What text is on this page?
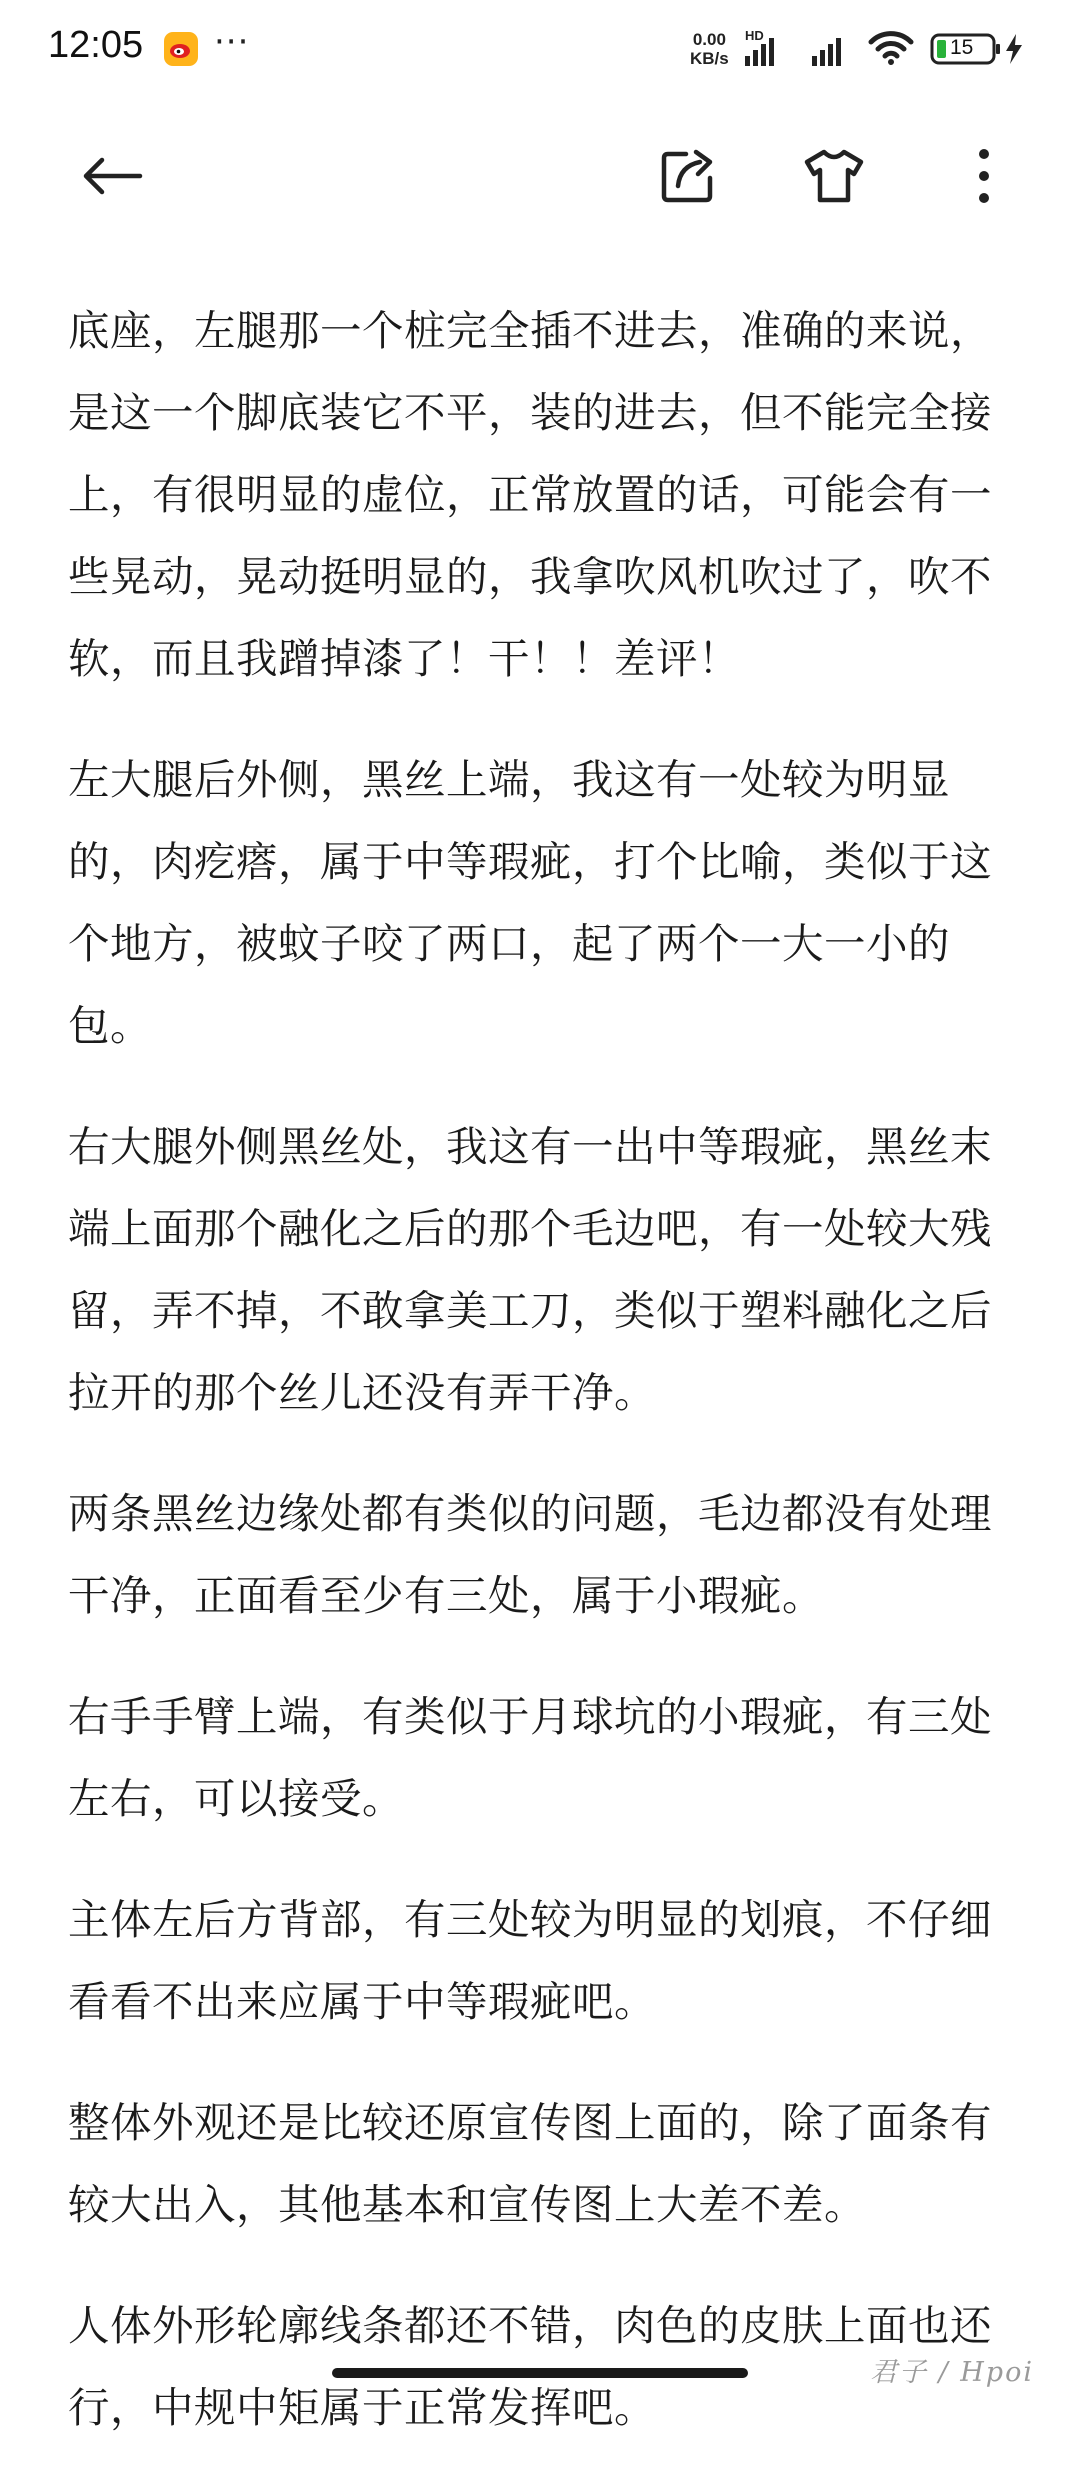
12:05 ···	0.00
KB/s
HD
15

底座，左腿那一个桩完全插不进去，准确的来说，是这一个脚底装它不平，装的进去，但不能完全接上，有很明显的虚位，正常放置的话，可能会有一些晃动，晃动挺明显的，我拿吹风机吹过了，吹不软，而且我蹭掉漆了！干！！差评！

左大腿后外侧，黑丝上端，我这有一处较为明显的，肉疙瘩，属于中等瑕疵，打个比喻，类似于这个地方，被蚊子咬了两口，起了两个一大一小的包。

右大腿外侧黑丝处，我这有一出中等瑕疵，黑丝末端上面那个融化之后的那个毛边吧，有一处较大残留，弄不掉，不敢拿美工刀，类似于塑料融化之后拉开的那个丝儿还没有弄干净。

两条黑丝边缘处都有类似的问题，毛边都没有处理干净，正面看至少有三处，属于小瑕疵。

右手手臂上端，有类似于月球坑的小瑕疵，有三处左右，可以接受。

主体左后方背部，有三处较为明显的划痕，不仔细看看不出来应属于中等瑕疵吧。

整体外观还是比较还原宣传图上面的，除了面条有较大出入，其他基本和宣传图上大差不差。

人体外形轮廓线条都还不错，肉色的皮肤上面也还行，中规中矩属于正常发挥吧。

君子 / Hpoi
